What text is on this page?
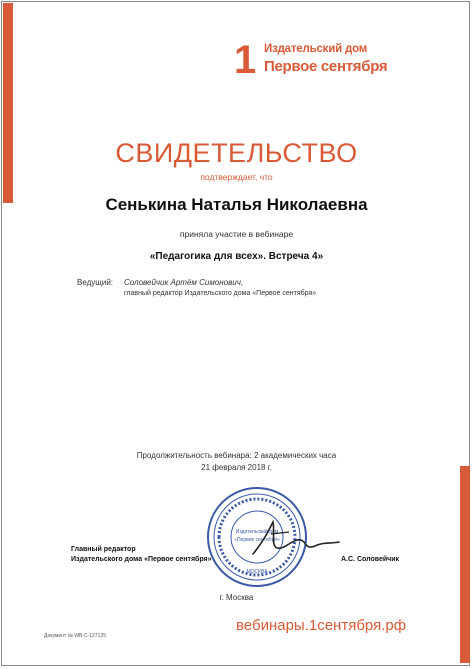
1 Издательский дом
Первое сентября
СВИДЕТЕЛЬСТВО
подтверждает, что
Сенькина Наталья Николаевна
приняла участие в вебинаре
«Педагогика для всех». Встреча 4»
Ведущий: Соловейчик Артём Симонович,
главный редактор Издательского дома «Первое сентября»
Продолжительность вебинара: 2 академических часа
21 февраля 2018 г.
Издательский дом
«Первое сентября»
МОСКВА
Главный редактор
Издательского дома «Первое сентября»	А.С. Соловейчик
г. Москва
Документ № WB-C-127125
вебинары.1сентября.рф
